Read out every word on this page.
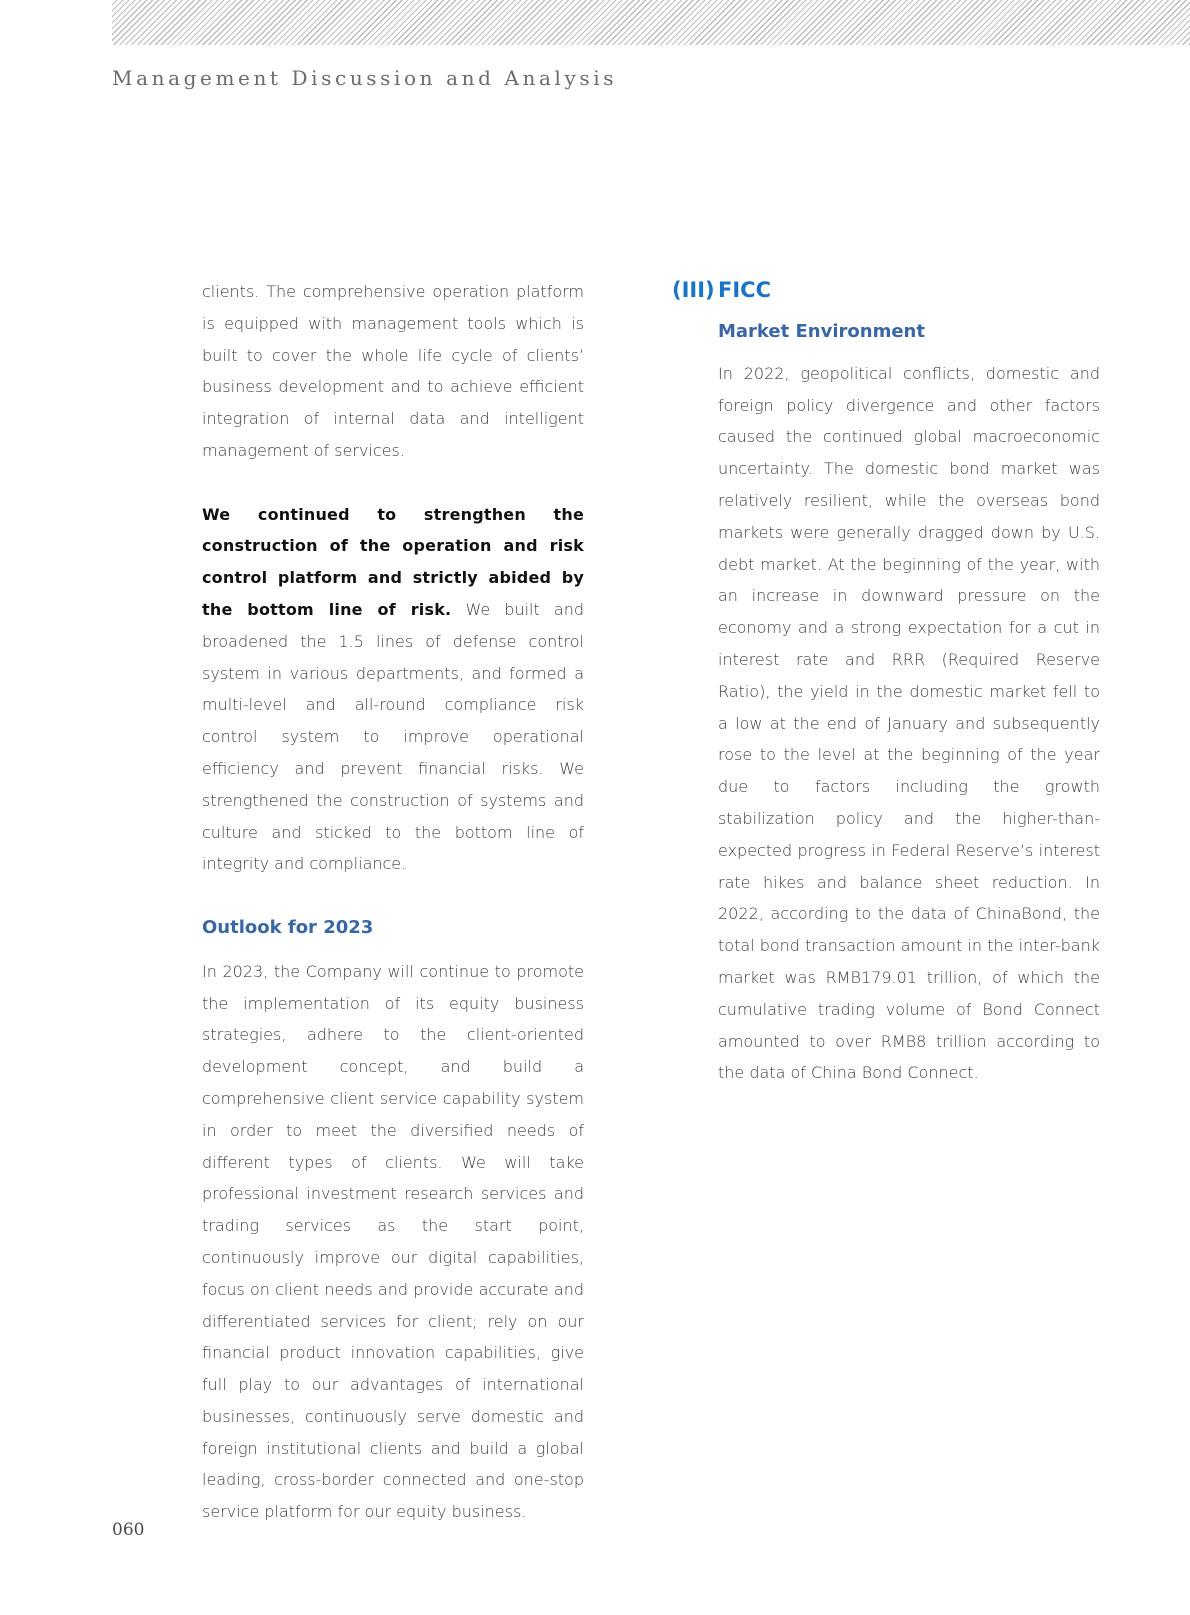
Management Discussion and Analysis

clients. The comprehensive operation platform is equipped with management tools which is built to cover the whole life cycle of clients’ business development and to achieve efficient integration of internal data and intelligent management of services.

We continued to strengthen the construction of the operation and risk control platform and strictly abided by the bottom line of risk. We built and broadened the 1.5 lines of defense control system in various departments, and formed a multi-level and all-round compliance risk control system to improve operational efficiency and prevent financial risks. We strengthened the construction of systems and culture and sticked to the bottom line of integrity and compliance.

Outlook for 2023

In 2023, the Company will continue to promote the implementation of its equity business strategies, adhere to the client-oriented development concept, and build a comprehensive client service capability system in order to meet the diversified needs of different types of clients. We will take professional investment research services and trading services as the start point, continuously improve our digital capabilities, focus on client needs and provide accurate and differentiated services for client; rely on our financial product innovation capabilities, give full play to our advantages of international businesses, continuously serve domestic and foreign institutional clients and build a global leading, cross-border connected and one-stop service platform for our equity business.

(III) FICC
Market Environment

In 2022, geopolitical conflicts, domestic and foreign policy divergence and other factors caused the continued global macroeconomic uncertainty. The domestic bond market was relatively resilient, while the overseas bond markets were generally dragged down by U.S. debt market. At the beginning of the year, with an increase in downward pressure on the economy and a strong expectation for a cut in interest rate and RRR (Required Reserve Ratio), the yield in the domestic market fell to a low at the end of January and subsequently rose to the level at the beginning of the year due to factors including the growth stabilization policy and the higher-than-expected progress in Federal Reserve’s interest rate hikes and balance sheet reduction. In 2022, according to the data of ChinaBond, the total bond transaction amount in the inter-bank market was RMB179.01 trillion, of which the cumulative trading volume of Bond Connect amounted to over RMB8 trillion according to the data of China Bond Connect.

060
